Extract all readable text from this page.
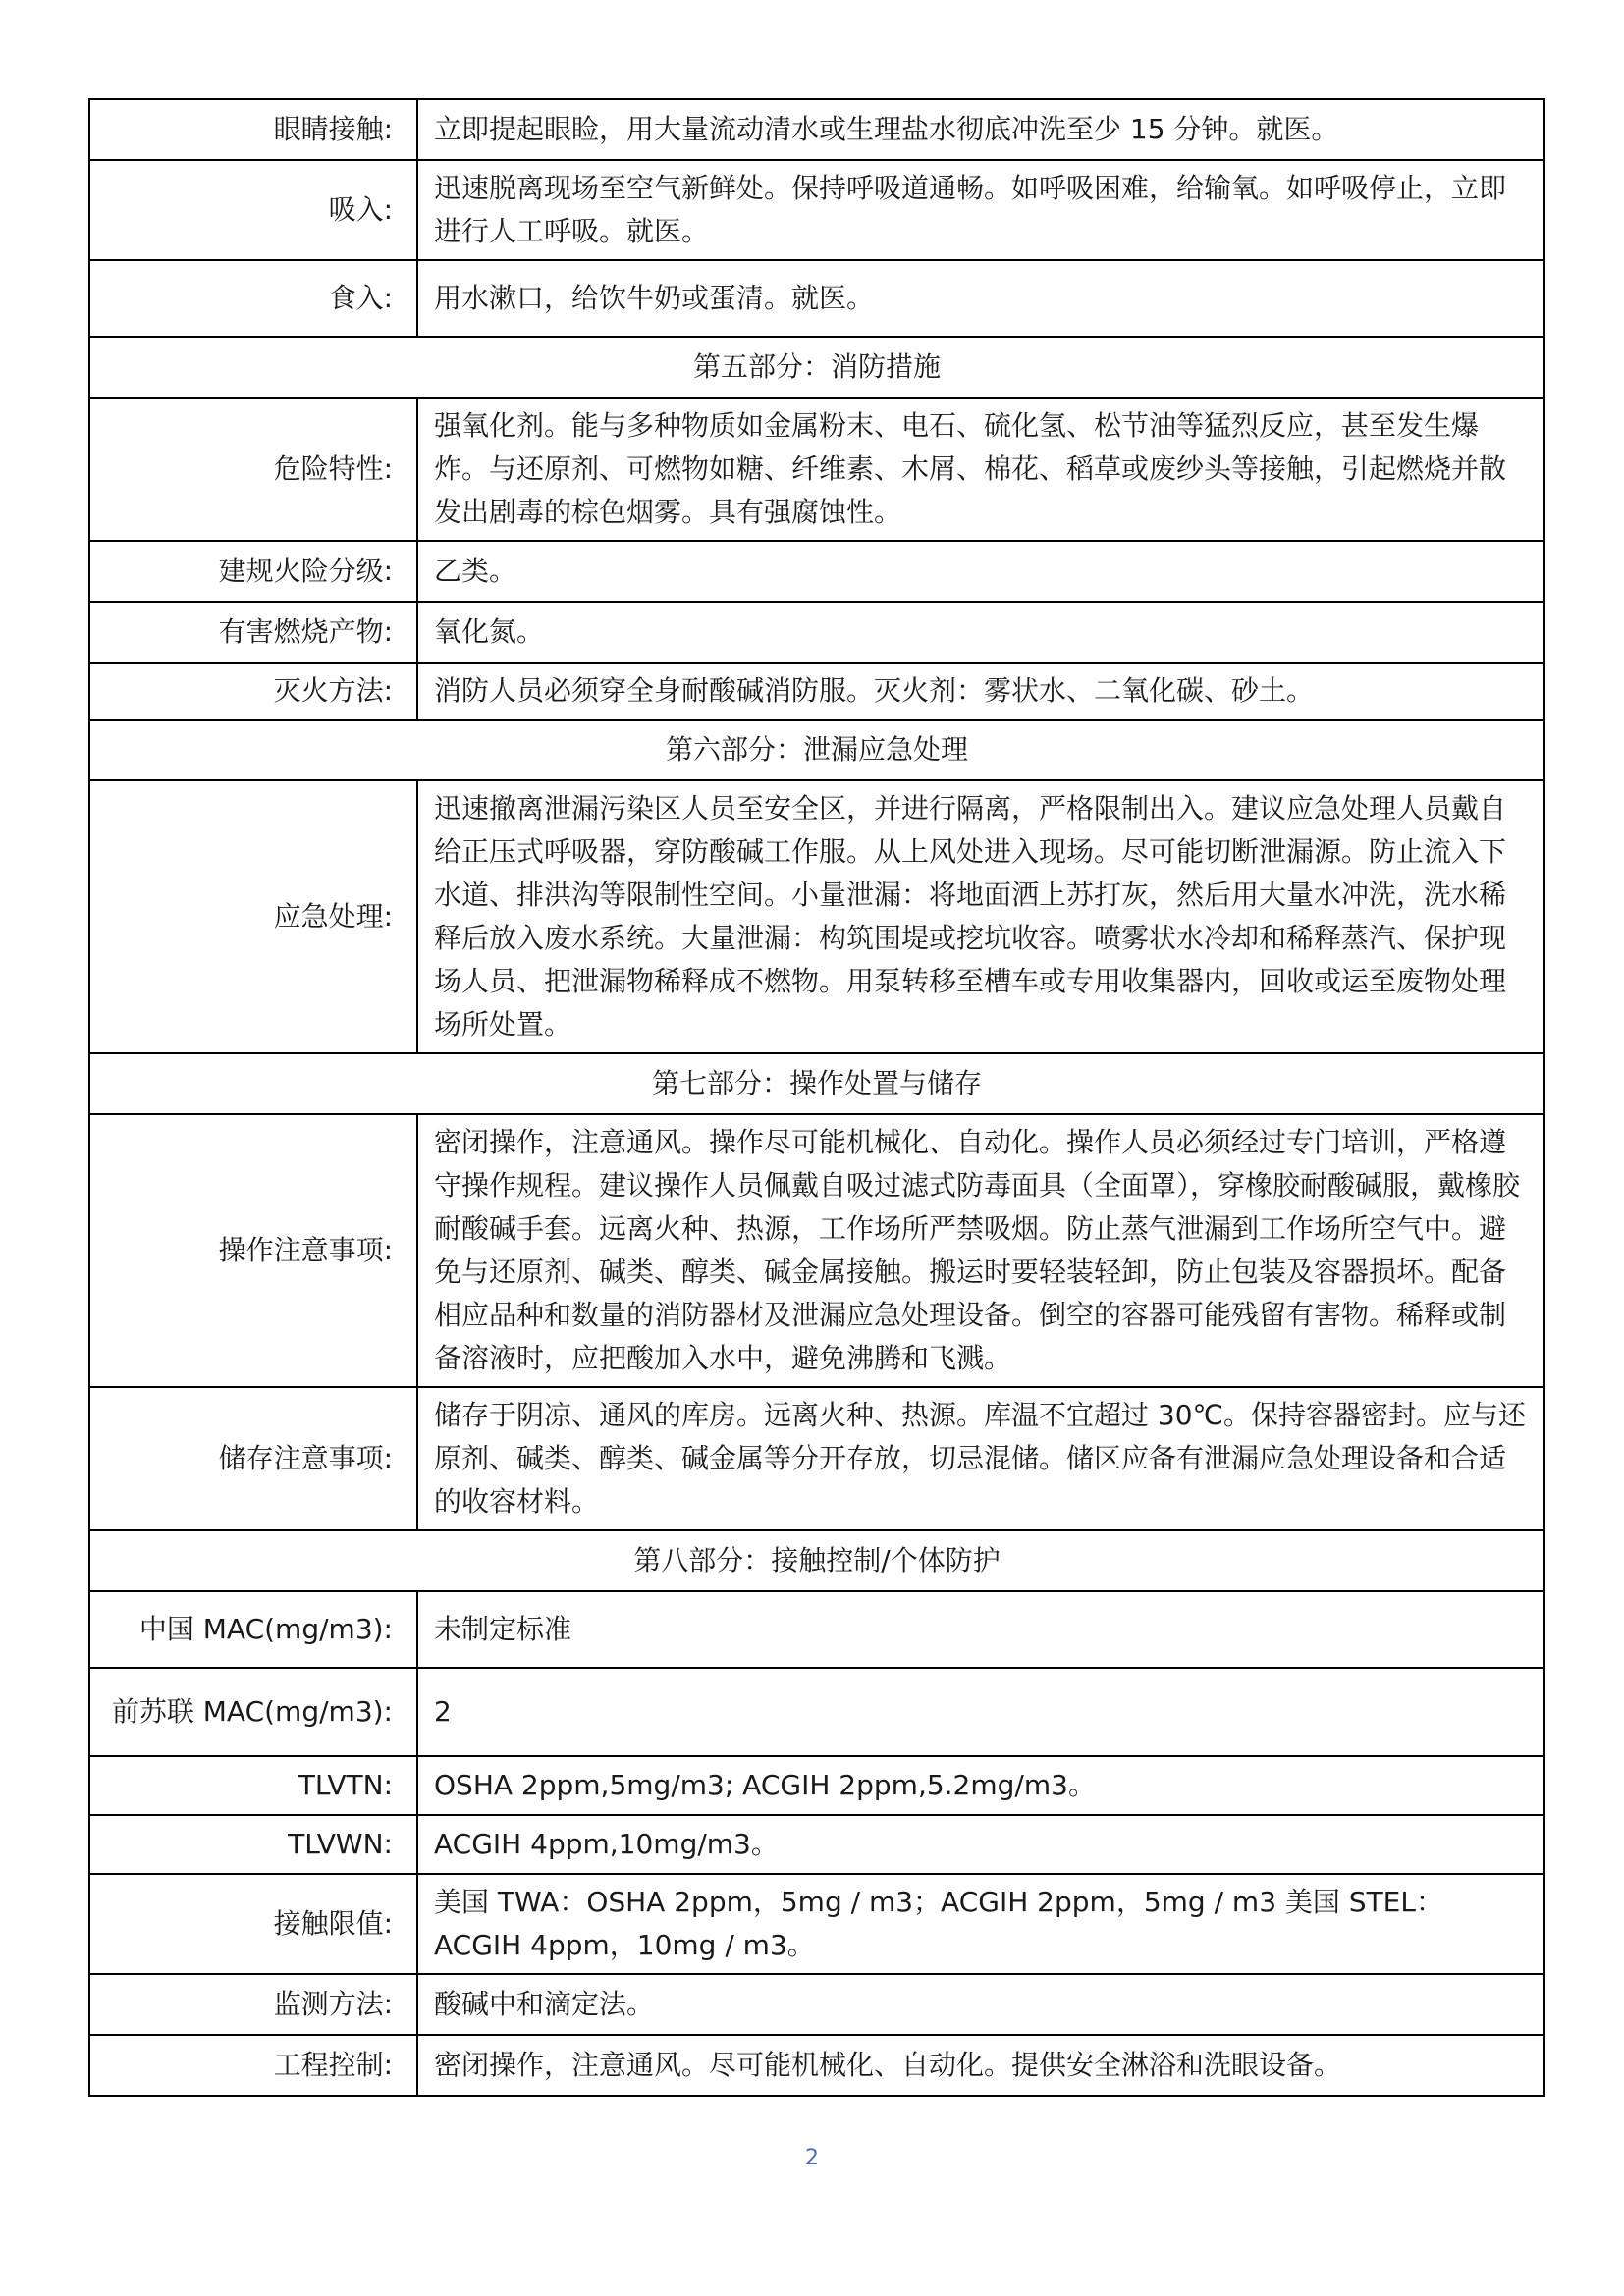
眼睛接触:	立即提起眼睑，用大量流动清水或生理盐水彻底冲洗至少 15 分钟。就医。
吸入:	迅速脱离现场至空气新鲜处。保持呼吸道通畅。如呼吸困难，给输氧。如呼吸停止，立即进行人工呼吸。就医。
食入:	用水漱口，给饮牛奶或蛋清。就医。
第五部分：消防措施	
危险特性:	强氧化剂。能与多种物质如金属粉末、电石、硫化氢、松节油等猛烈反应，甚至发生爆炸。与还原剂、可燃物如糖、纤维素、木屑、棉花、稻草或废纱头等接触，引起燃烧并散发出剧毒的棕色烟雾。具有强腐蚀性。
建规火险分级:	乙类。
有害燃烧产物:	氧化氮。
灭火方法:	消防人员必须穿全身耐酸碱消防服。灭火剂：雾状水、二氧化碳、砂土。
第六部分：泄漏应急处理	
应急处理:	迅速撤离泄漏污染区人员至安全区，并进行隔离，严格限制出入。建议应急处理人员戴自给正压式呼吸器，穿防酸碱工作服。从上风处进入现场。尽可能切断泄漏源。防止流入下水道、排洪沟等限制性空间。小量泄漏：将地面洒上苏打灰，然后用大量水冲洗，洗水稀释后放入废水系统。大量泄漏：构筑围堤或挖坑收容。喷雾状水冷却和稀释蒸汽、保护现场人员、把泄漏物稀释成不燃物。用泵转移至槽车或专用收集器内，回收或运至废物处理场所处置。
第七部分：操作处置与储存	
操作注意事项:	密闭操作，注意通风。操作尽可能机械化、自动化。操作人员必须经过专门培训，严格遵守操作规程。建议操作人员佩戴自吸过滤式防毒面具（全面罩），穿橡胶耐酸碱服，戴橡胶耐酸碱手套。远离火种、热源，工作场所严禁吸烟。防止蒸气泄漏到工作场所空气中。避免与还原剂、碱类、醇类、碱金属接触。搬运时要轻装轻卸，防止包装及容器损坏。配备相应品种和数量的消防器材及泄漏应急处理设备。倒空的容器可能残留有害物。稀释或制备溶液时，应把酸加入水中，避免沸腾和飞溅。
储存注意事项:	储存于阴凉、通风的库房。远离火种、热源。库温不宜超过 30℃。保持容器密封。应与还原剂、碱类、醇类、碱金属等分开存放，切忌混储。储区应备有泄漏应急处理设备和合适的收容材料。
第八部分：接触控制/个体防护	
中国 MAC(mg/m3):	未制定标准
前苏联 MAC(mg/m3):	2
TLVTN:	OSHA 2ppm,5mg/m3; ACGIH 2ppm,5.2mg/m3。
TLVWN:	ACGIH 4ppm,10mg/m3。
接触限值:	美国 TWA：OSHA 2ppm，5mg / m3；ACGIH 2ppm，5mg / m3 美国 STEL：ACGIH 4ppm，10mg / m3。
监测方法:	酸碱中和滴定法。
工程控制:	密闭操作，注意通风。尽可能机械化、自动化。提供安全淋浴和洗眼设备。
2
